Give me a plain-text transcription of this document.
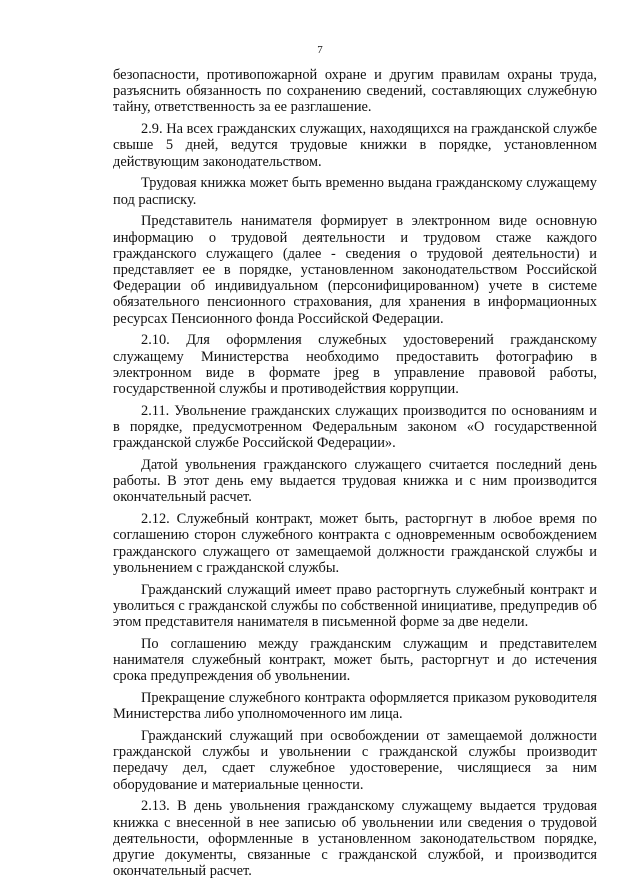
7

безопасности, противопожарной охране и другим правилам охраны труда, разъяснить обязанность по сохранению сведений, составляющих служебную тайну, ответственность за ее разглашение.

2.9. На всех гражданских служащих, находящихся на гражданской службе свыше 5 дней, ведутся трудовые книжки в порядке, установленном действующим законодательством.

Трудовая книжка может быть временно выдана гражданскому служащему под расписку.

Представитель нанимателя формирует в электронном виде основную информацию о трудовой деятельности и трудовом стаже каждого гражданского служащего (далее - сведения о трудовой деятельности) и представляет ее в порядке, установленном законодательством Российской Федерации об индивидуальном (персонифицированном) учете в системе обязательного пенсионного страхования, для хранения в информационных ресурсах Пенсионного фонда Российской Федерации.

2.10. Для оформления служебных удостоверений гражданскому служащему Министерства необходимо предоставить фотографию в электронном виде в формате jpeg в управление правовой работы, государственной службы и противодействия коррупции.

2.11. Увольнение гражданских служащих производится по основаниям и в порядке, предусмотренном Федеральным законом «О государственной гражданской службе Российской Федерации».

Датой увольнения гражданского служащего считается последний день работы. В этот день ему выдается трудовая книжка и с ним производится окончательный расчет.

2.12. Служебный контракт, может быть, расторгнут в любое время по соглашению сторон служебного контракта с одновременным освобождением гражданского служащего от замещаемой должности гражданской службы и увольнением с гражданской службы.

Гражданский служащий имеет право расторгнуть служебный контракт и уволиться с гражданской службы по собственной инициативе, предупредив об этом представителя нанимателя в письменной форме за две недели.

По соглашению между гражданским служащим и представителем нанимателя служебный контракт, может быть, расторгнут и до истечения срока предупреждения об увольнении.

Прекращение служебного контракта оформляется приказом руководителя Министерства либо уполномоченного им лица.

Гражданский служащий при освобождении от замещаемой должности гражданской службы и увольнении с гражданской службы производит передачу дел, сдает служебное удостоверение, числящиеся за ним оборудование и материальные ценности.

2.13. В день увольнения гражданскому служащему выдается трудовая книжка с внесенной в нее записью об увольнении или сведения о трудовой деятельности, оформленные в установленном законодательством порядке, другие документы, связанные с гражданской службой, и производится окончательный расчет.
